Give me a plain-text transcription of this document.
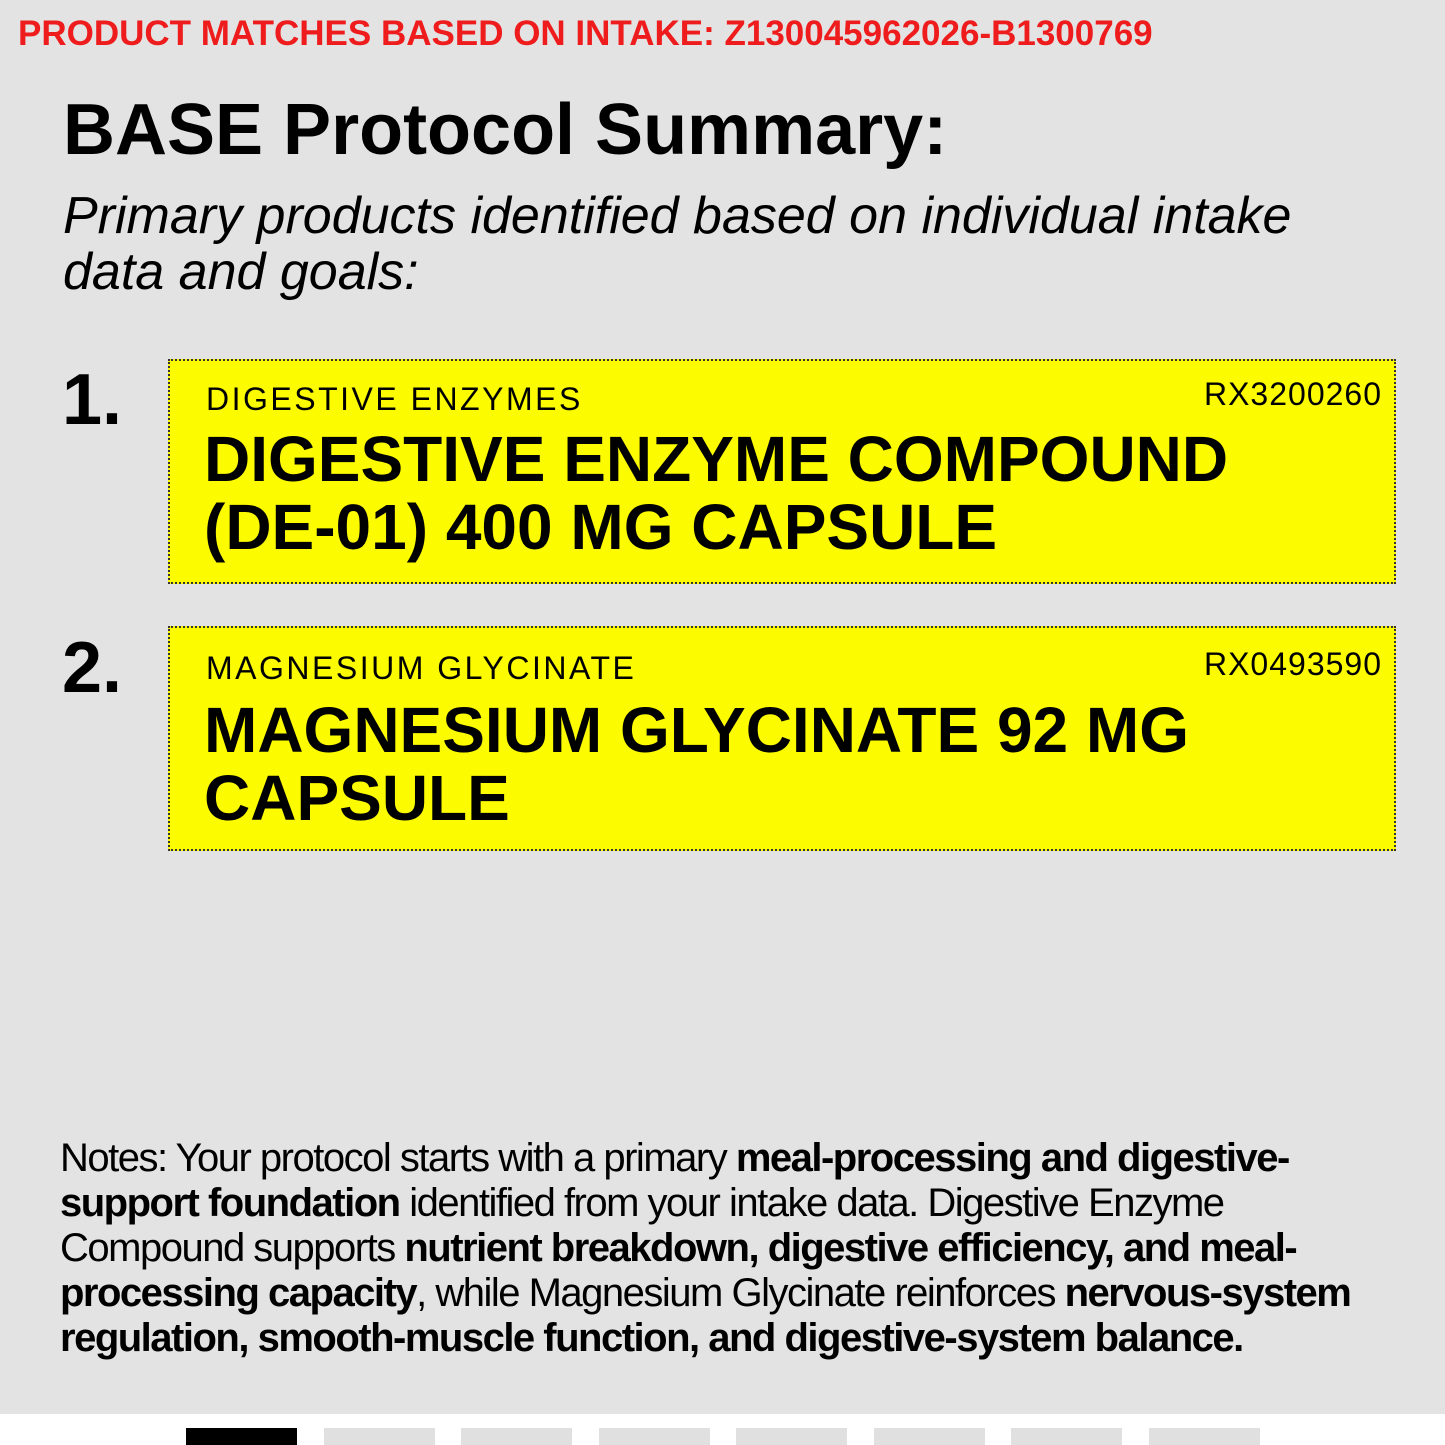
PRODUCT MATCHES BASED ON INTAKE: Z130045962026-B1300769
BASE Protocol Summary:
Primary products identified based on individual intake data and goals:
1.	DIGESTIVE ENZYMES	RX3200260
DIGESTIVE ENZYME COMPOUND (DE-01) 400 MG CAPSULE
2.	MAGNESIUM GLYCINATE	RX0493590
MAGNESIUM GLYCINATE 92 MG CAPSULE
Notes: Your protocol starts with a primary meal-processing and digestive-support foundation identified from your intake data. Digestive Enzyme Compound supports nutrient breakdown, digestive efficiency, and meal-processing capacity, while Magnesium Glycinate reinforces nervous-system regulation, smooth-muscle function, and digestive-system balance.
